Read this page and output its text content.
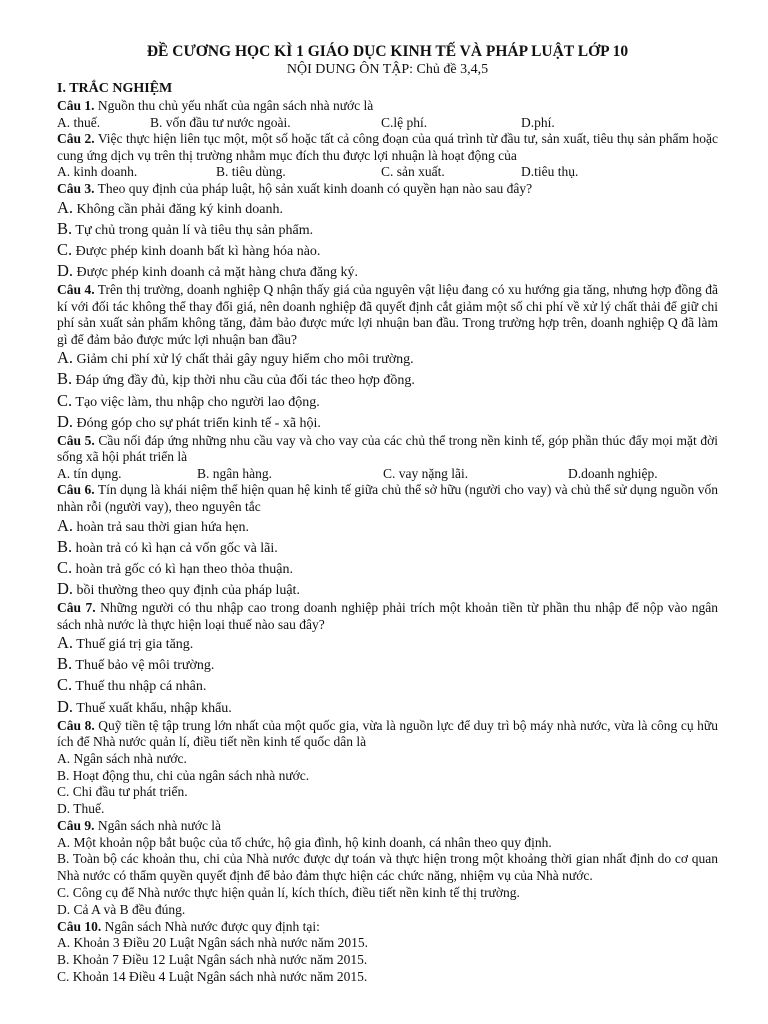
ĐỀ CƯƠNG HỌC KÌ 1 GIÁO DỤC KINH TẾ VÀ PHÁP LUẬT LỚP 10
NỘI DUNG ÔN TẬP: Chủ đề 3,4,5
I. TRẮC NGHIỆM
Câu 1. Nguồn thu chủ yếu nhất của ngân sách nhà nước là
A. thuế.	B. vốn đầu tư nước ngoài.	C.lệ phí.	D.phí.
Câu 2. Việc thực hiện liên tục một, một số hoặc tất cả công đoạn của quá trình từ đầu tư, sản xuất, tiêu thụ sản phẩm hoặc cung ứng dịch vụ trên thị trường nhằm mục đích thu được lợi nhuận là hoạt động của
A. kinh doanh.	B. tiêu dùng.	C. sản xuất.	D.tiêu thụ.
Câu 3. Theo quy định của pháp luật, hộ sản xuất kinh doanh có quyền hạn nào sau đây?
A. Không cần phải đăng ký kinh doanh.
B. Tự chủ trong quản lí và tiêu thụ sản phẩm.
C. Được phép kinh doanh bất kì hàng hóa nào.
D. Được phép kinh doanh cả mặt hàng chưa đăng ký.
Câu 4. Trên thị trường, doanh nghiệp Q nhận thấy giá của nguyên vật liệu đang có xu hướng gia tăng, nhưng hợp đồng đã kí với đối tác không thể thay đổi giá, nên doanh nghiệp đã quyết định cắt giảm một số chi phí về xử lý chất thải để giữ chi phí sản xuất sản phẩm không tăng, đảm bảo được mức lợi nhuận ban đầu. Trong trường hợp trên, doanh nghiệp Q đã làm gì để đảm bảo được mức lợi nhuận ban đầu?
A. Giảm chi phí xử lý chất thải gây nguy hiểm cho môi trường.
B. Đáp ứng đầy đủ, kịp thời nhu cầu của đối tác theo hợp đồng.
C. Tạo việc làm, thu nhập cho người lao động.
D. Đóng góp cho sự phát triển kinh tế - xã hội.
Câu 5. Cầu nối đáp ứng những nhu cầu vay và cho vay của các chủ thể trong nền kinh tế, góp phần thúc đẩy mọi mặt đời sống xã hội phát triển là
A. tín dụng.	B. ngân hàng.	C. vay nặng lãi.	D.doanh nghiệp.
Câu 6. Tín dụng là khái niệm thể hiện quan hệ kinh tế giữa chủ thể sở hữu (người cho vay) và chủ thể sử dụng nguồn vốn nhàn rỗi (người vay), theo nguyên tắc
A. hoàn trả sau thời gian hứa hẹn.
B. hoàn trả có kì hạn cả vốn gốc và lãi.
C. hoàn trả gốc có kì hạn theo thỏa thuận.
D. bồi thường theo quy định của pháp luật.
Câu 7. Những người có thu nhập cao trong doanh nghiệp phải trích một khoản tiền từ phần thu nhập để nộp vào ngân sách nhà nước là thực hiện loại thuế nào sau đây?
A. Thuế giá trị gia tăng.
B. Thuế bảo vệ môi trường.
C. Thuế thu nhập cá nhân.
D. Thuế xuất khẩu, nhập khẩu.
Câu 8. Quỹ tiền tệ tập trung lớn nhất của một quốc gia, vừa là nguồn lực để duy trì bộ máy nhà nước, vừa là công cụ hữu ích để Nhà nước quản lí, điều tiết nền kinh tế quốc dân là
A. Ngân sách nhà nước.
B. Hoạt động thu, chi của ngân sách nhà nước.
C. Chi đầu tư phát triển.
D. Thuế.
Câu 9. Ngân sách nhà nước là
A. Một khoản nộp bắt buộc của tổ chức, hộ gia đình, hộ kinh doanh, cá nhân theo quy định.
B. Toàn bộ các khoản thu, chi của Nhà nước được dự toán và thực hiện trong một khoảng thời gian nhất định do cơ quan Nhà nước có thẩm quyền quyết định để bảo đảm thực hiện các chức năng, nhiệm vụ của Nhà nước.
C. Công cụ để Nhà nước thực hiện quản lí, kích thích, điều tiết nền kinh tế thị trường.
D. Cả A và B đều đúng.
Câu 10. Ngân sách Nhà nước được quy định tại:
A. Khoản 3 Điều 20 Luật Ngân sách nhà nước năm 2015.
B. Khoản 7 Điều 12 Luật Ngân sách nhà nước năm 2015.
C. Khoản 14 Điều 4 Luật Ngân sách nhà nước năm 2015.
